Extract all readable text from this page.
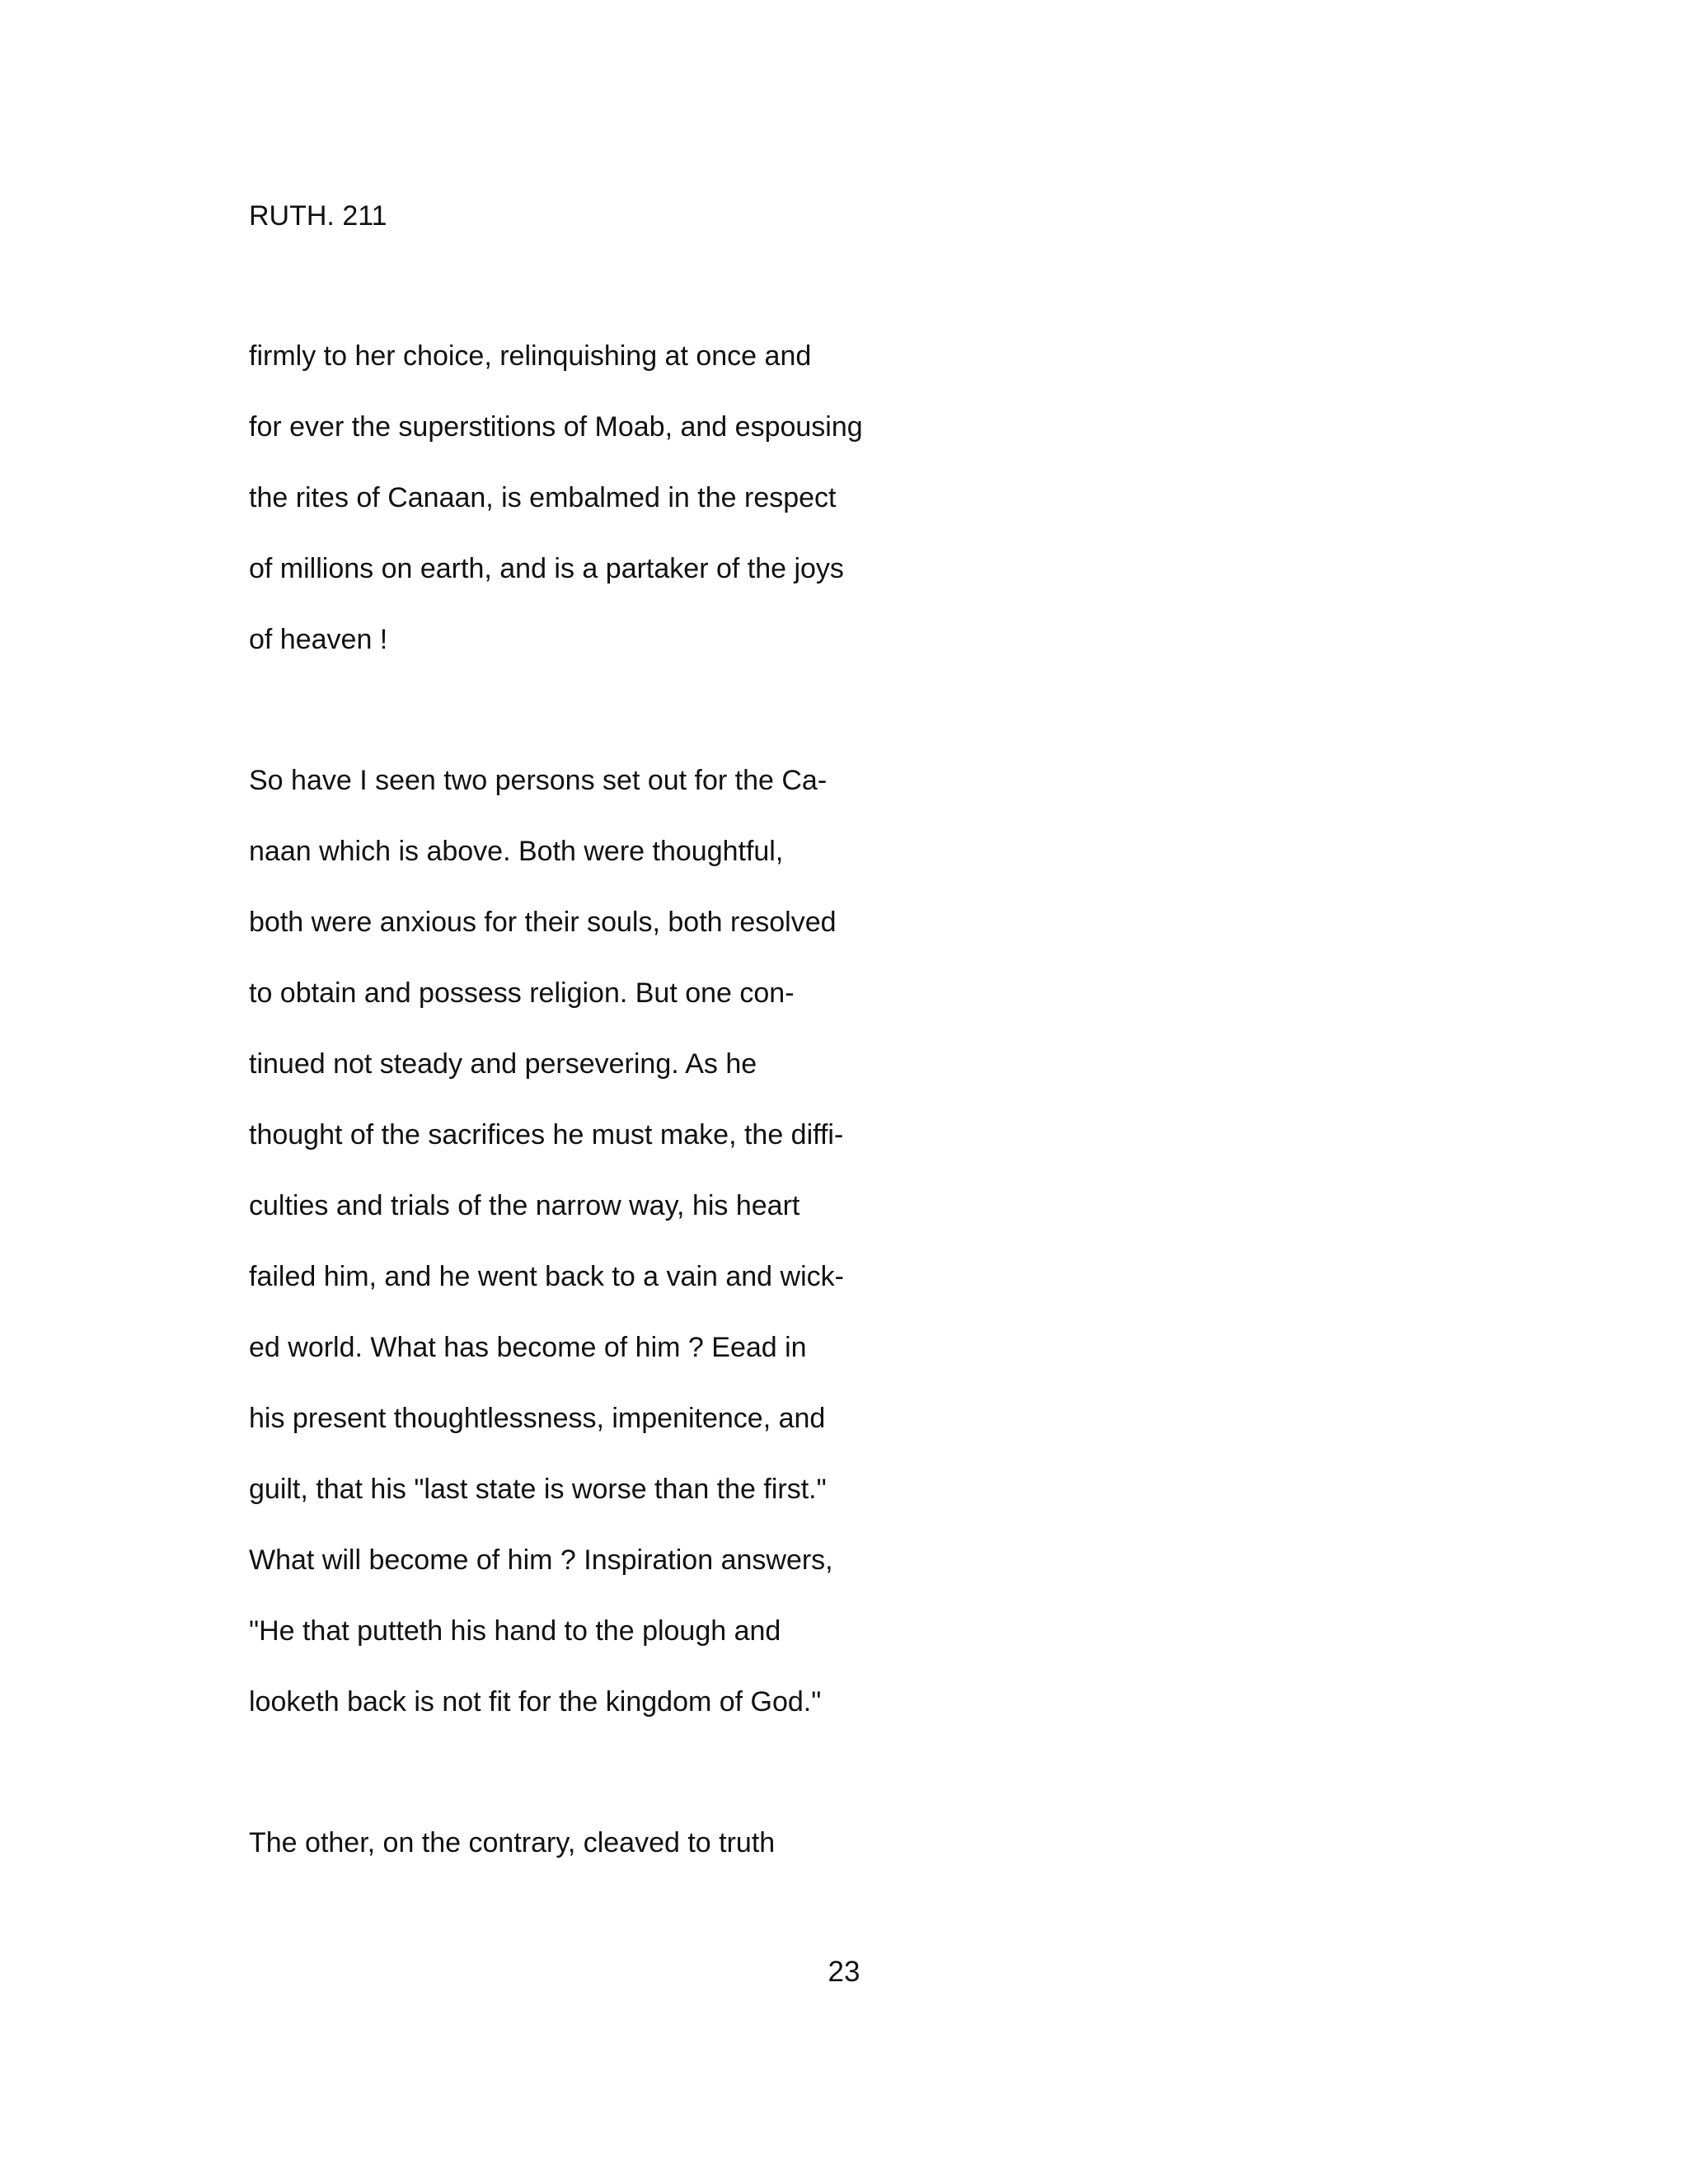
RUTH. 211
firmly to her choice, relinquishing at once and
for ever the superstitions of Moab, and espousing
the rites of Canaan, is embalmed in the respect
of millions on earth, and is a partaker of the joys
of heaven !
So have I seen two persons set out for the Ca-
naan which is above. Both were thoughtful,
both were anxious for their souls, both resolved
to obtain and possess religion. But one con-
tinued not steady and persevering. As he
thought of the sacrifices he must make, the diffi-
culties and trials of the narrow way, his heart
failed him, and he went back to a vain and wick-
ed world. What has become of him ? Eead in
his present thoughtlessness, impenitence, and
guilt, that his "last state is worse than the first."
What will become of him ? Inspiration answers,
"He that putteth his hand to the plough and
looketh back is not fit for the kingdom of God."
The other, on the contrary, cleaved to truth
23
